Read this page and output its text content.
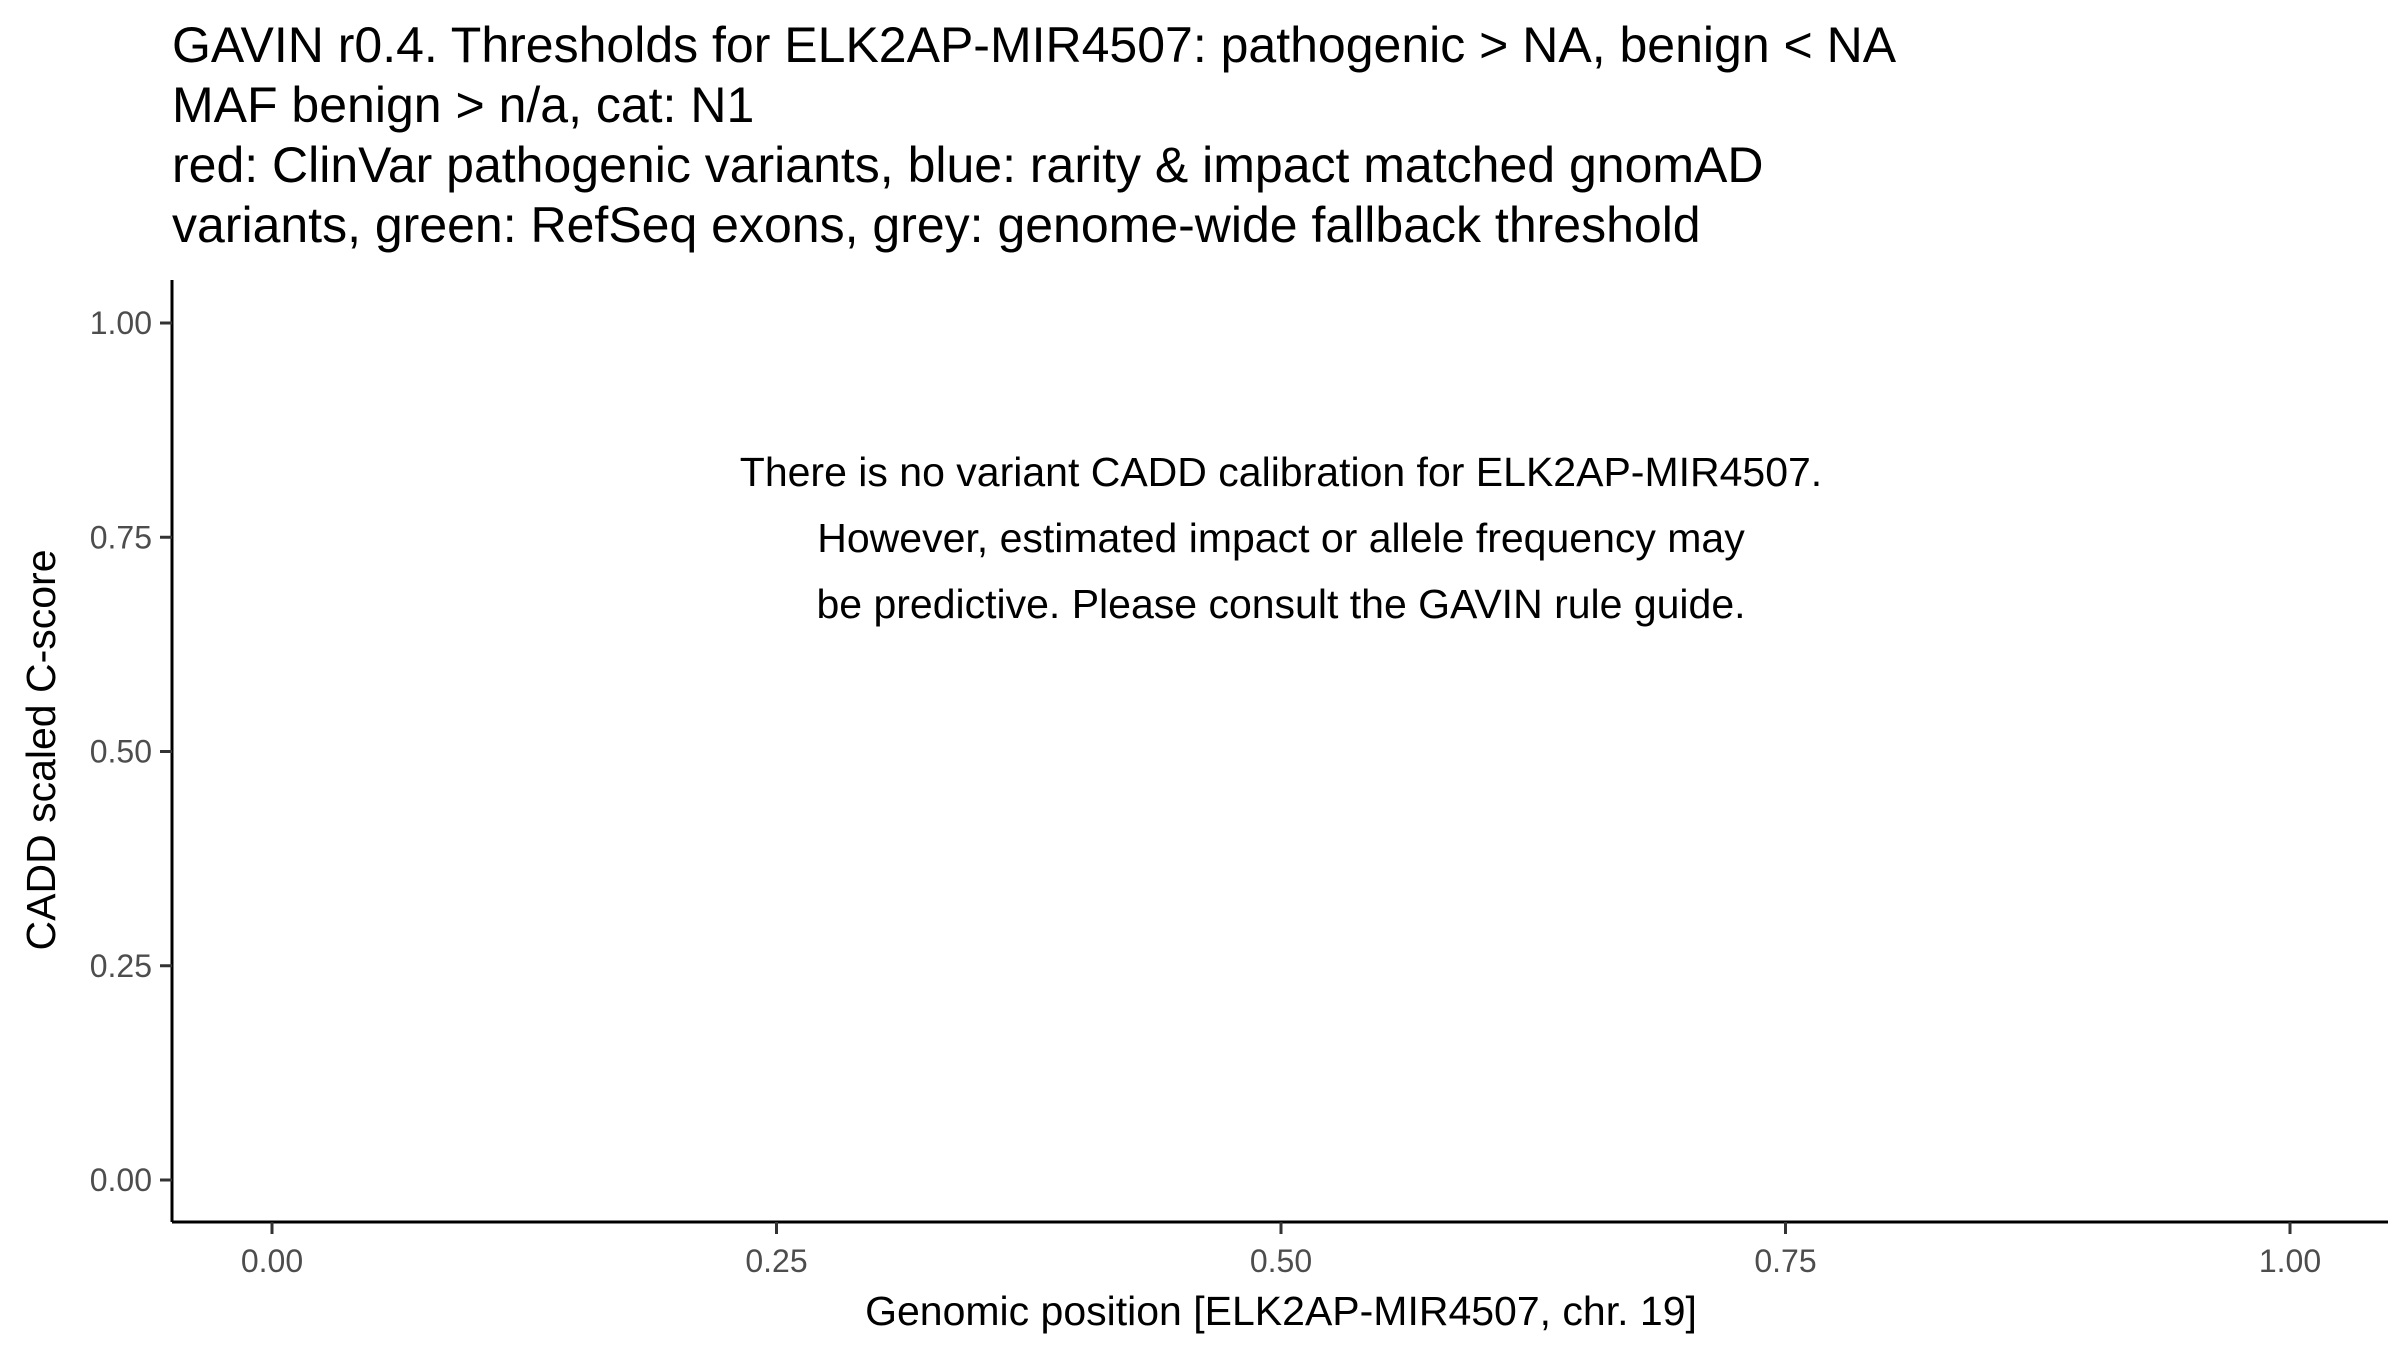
GAVIN r0.4. Thresholds for ELK2AP-MIR4507: pathogenic > NA, benign < NA
MAF benign > n/a, cat: N1
red: ClinVar pathogenic variants, blue: rarity & impact matched gnomAD
variants, green: RefSeq exons, grey: genome-wide fallback threshold
0.00	0.25	0.50	0.75	1.00
0.00
0.25
0.50
0.75
1.00
There is no variant CADD calibration for ELK2AP-MIR4507.
However, estimated impact or allele frequency may
be predictive. Please consult the GAVIN rule guide.
Genomic position [ELK2AP-MIR4507, chr. 19]
CADD scaled C-score
